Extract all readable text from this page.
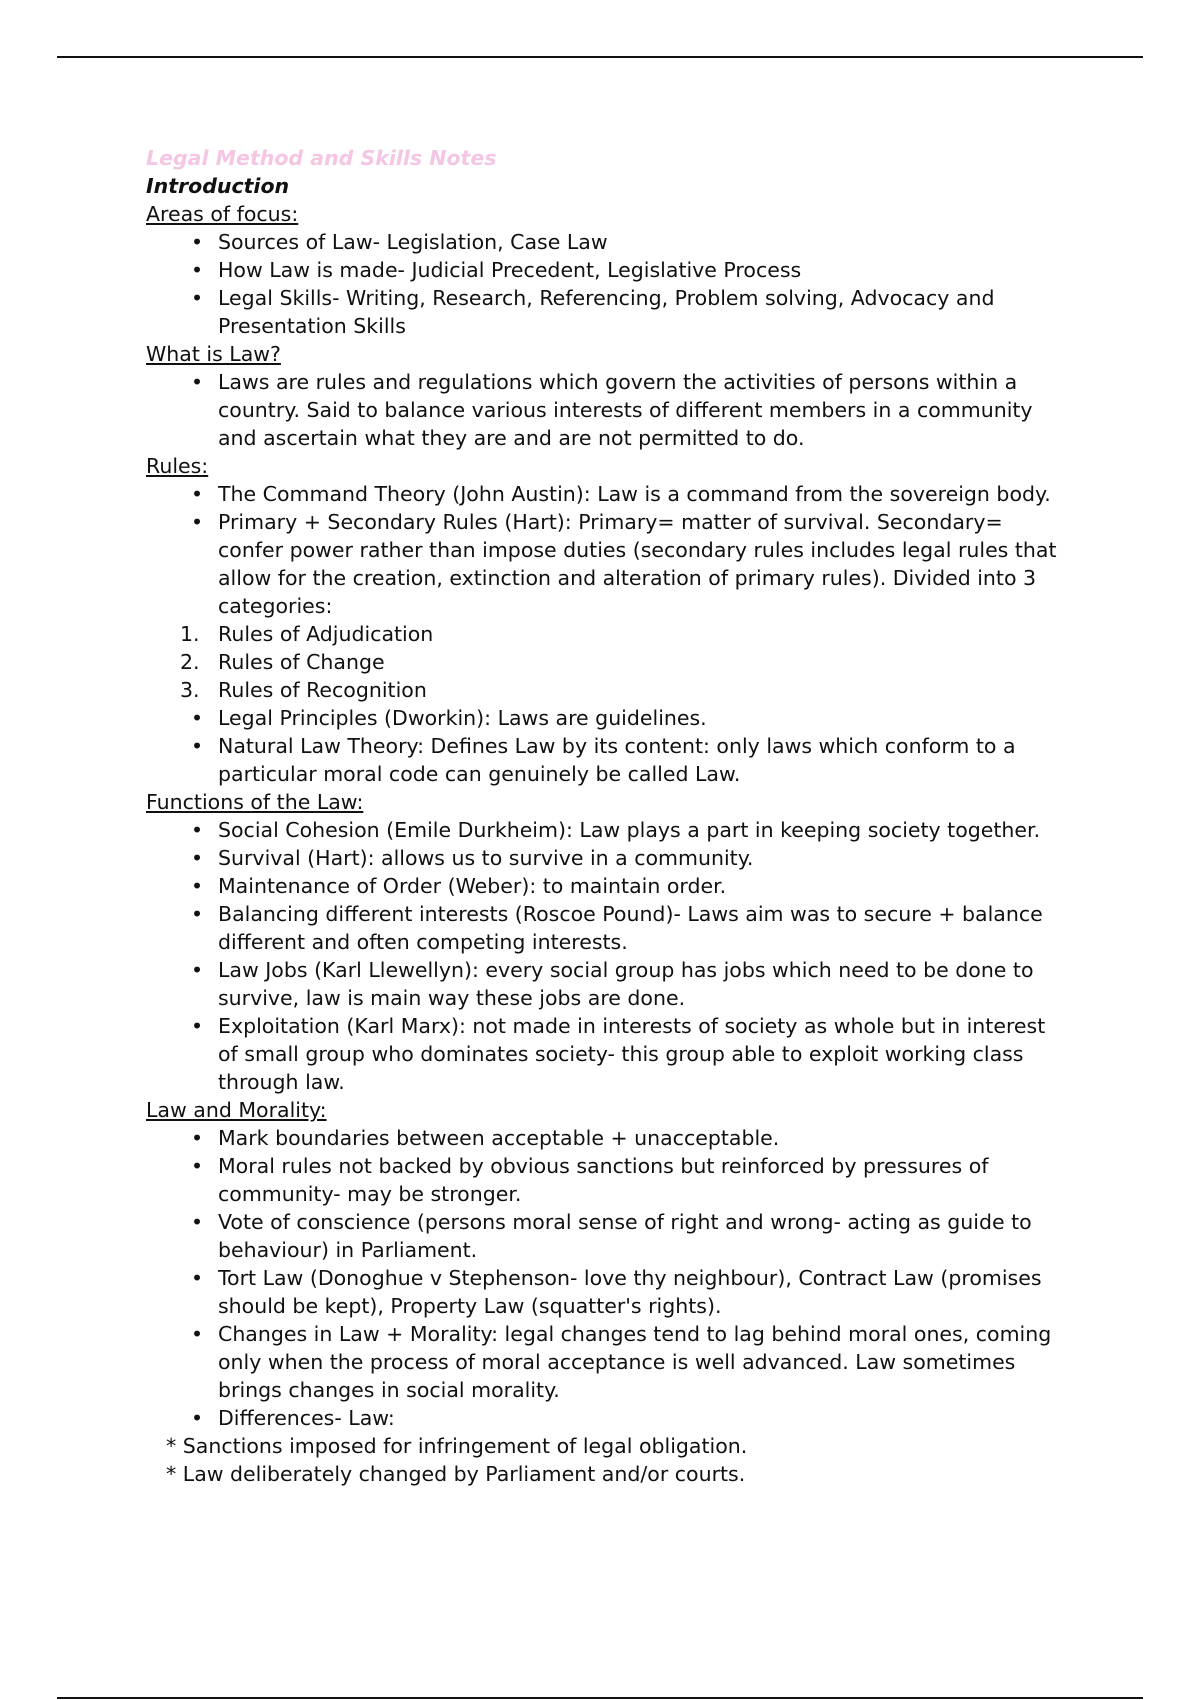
Legal Method and Skills Notes
Introduction
Areas of focus:
• Sources of Law- Legislation, Case Law
• How Law is made- Judicial Precedent, Legislative Process
• Legal Skills- Writing, Research, Referencing, Problem solving, Advocacy and Presentation Skills
What is Law?
• Laws are rules and regulations which govern the activities of persons within a country. Said to balance various interests of different members in a community and ascertain what they are and are not permitted to do.
Rules:
• The Command Theory (John Austin): Law is a command from the sovereign body.
• Primary + Secondary Rules (Hart): Primary= matter of survival. Secondary= confer power rather than impose duties (secondary rules includes legal rules that allow for the creation, extinction and alteration of primary rules). Divided into 3 categories:
1. Rules of Adjudication
2. Rules of Change
3. Rules of Recognition
• Legal Principles (Dworkin): Laws are guidelines.
• Natural Law Theory: Defines Law by its content: only laws which conform to a particular moral code can genuinely be called Law.
Functions of the Law:
• Social Cohesion (Emile Durkheim): Law plays a part in keeping society together.
• Survival (Hart): allows us to survive in a community.
• Maintenance of Order (Weber): to maintain order.
• Balancing different interests (Roscoe Pound)- Laws aim was to secure + balance different and often competing interests.
• Law Jobs (Karl Llewellyn): every social group has jobs which need to be done to survive, law is main way these jobs are done.
• Exploitation (Karl Marx): not made in interests of society as whole but in interest of small group who dominates society- this group able to exploit working class through law.
Law and Morality:
• Mark boundaries between acceptable + unacceptable.
• Moral rules not backed by obvious sanctions but reinforced by pressures of community- may be stronger.
• Vote of conscience (persons moral sense of right and wrong- acting as guide to behaviour) in Parliament.
• Tort Law (Donoghue v Stephenson- love thy neighbour), Contract Law (promises should be kept), Property Law (squatter's rights).
• Changes in Law + Morality: legal changes tend to lag behind moral ones, coming only when the process of moral acceptance is well advanced. Law sometimes brings changes in social morality.
• Differences- Law:
* Sanctions imposed for infringement of legal obligation.
* Law deliberately changed by Parliament and/or courts.
